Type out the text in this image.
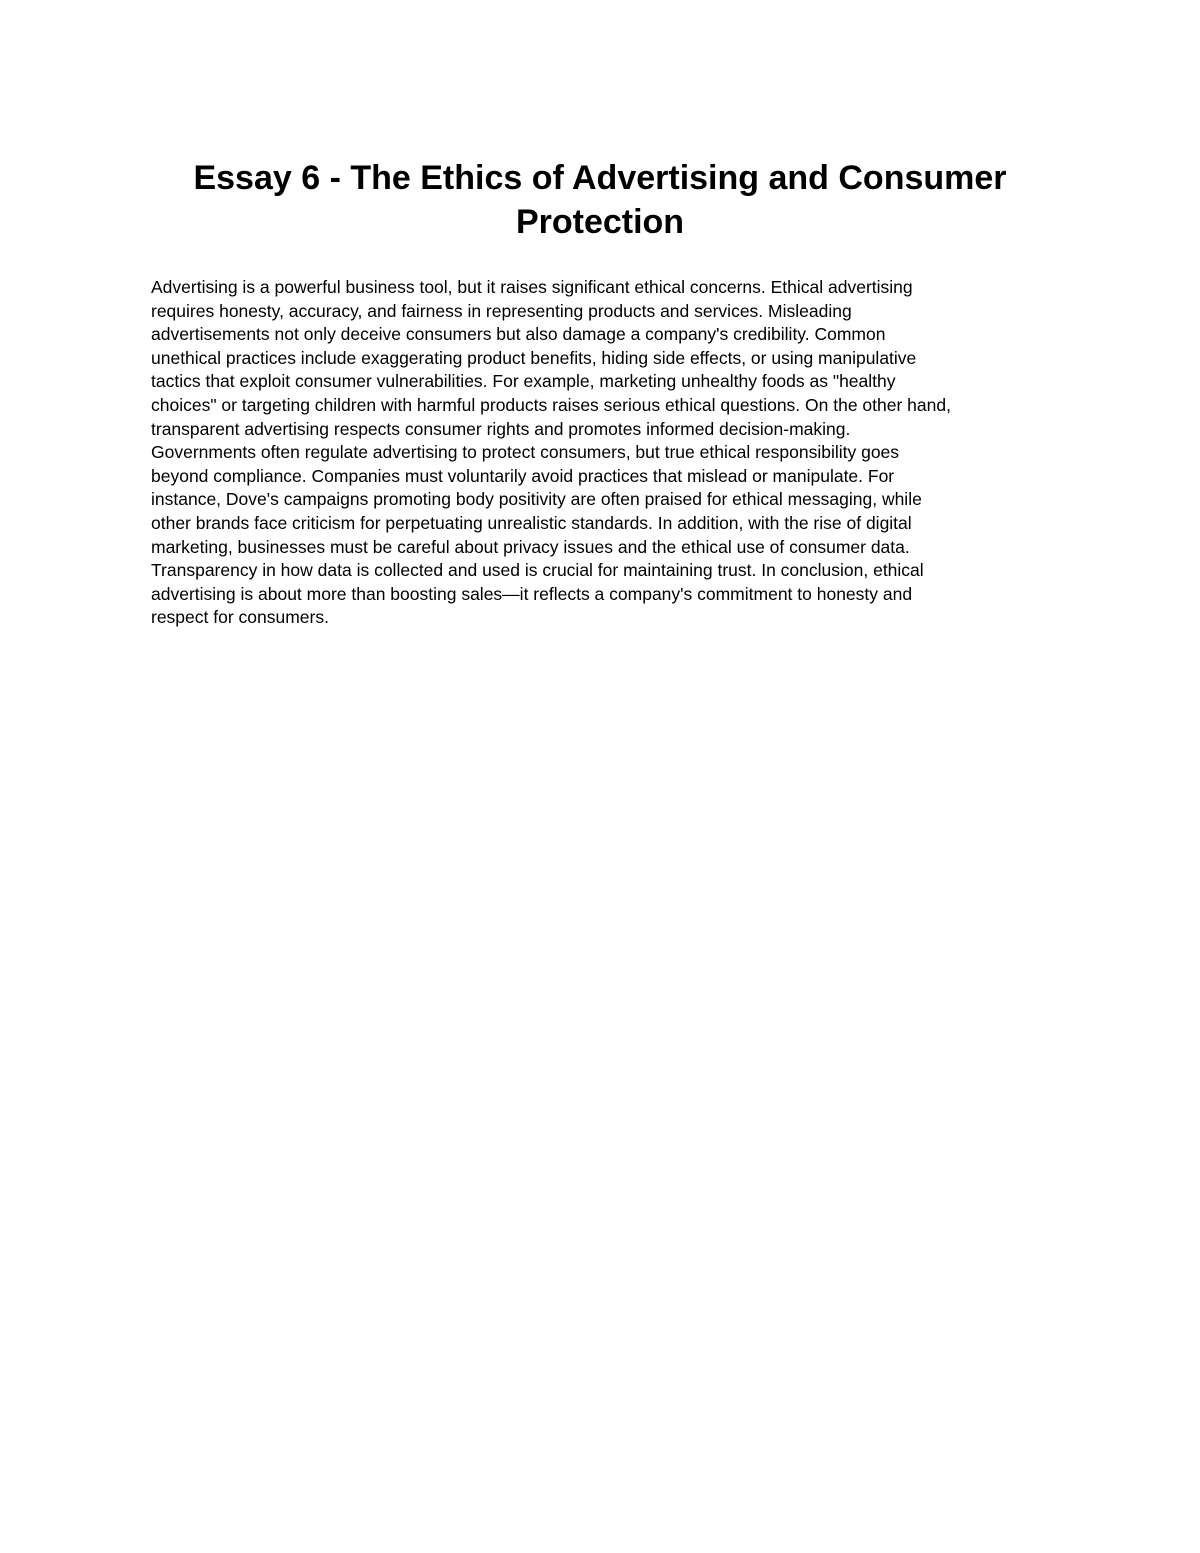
Essay 6 - The Ethics of Advertising and Consumer
Protection
Advertising is a powerful business tool, but it raises significant ethical concerns. Ethical advertising
requires honesty, accuracy, and fairness in representing products and services. Misleading
advertisements not only deceive consumers but also damage a company's credibility. Common
unethical practices include exaggerating product benefits, hiding side effects, or using manipulative
tactics that exploit consumer vulnerabilities. For example, marketing unhealthy foods as "healthy
choices" or targeting children with harmful products raises serious ethical questions. On the other hand,
transparent advertising respects consumer rights and promotes informed decision-making.
Governments often regulate advertising to protect consumers, but true ethical responsibility goes
beyond compliance. Companies must voluntarily avoid practices that mislead or manipulate. For
instance, Dove's campaigns promoting body positivity are often praised for ethical messaging, while
other brands face criticism for perpetuating unrealistic standards. In addition, with the rise of digital
marketing, businesses must be careful about privacy issues and the ethical use of consumer data.
Transparency in how data is collected and used is crucial for maintaining trust. In conclusion, ethical
advertising is about more than boosting sales—it reflects a company's commitment to honesty and
respect for consumers.
